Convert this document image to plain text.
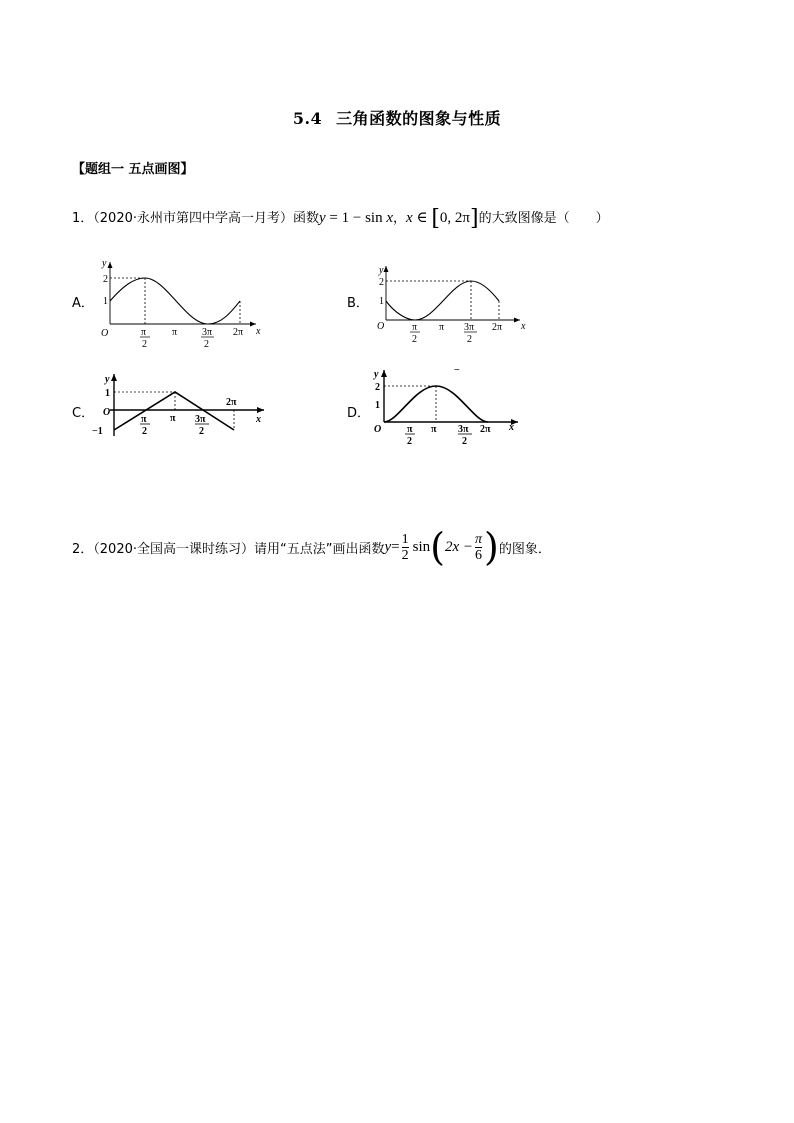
5.4 三角函数的图象与性质
【题组一 五点画图】
1．（2020·永州市第四中学高一月考）函数y = 1 − sin x，x ∈ [0, 2π]的大致图像是（　　）
A．
y
2
1
O	π
2
π 3π
2
2π x
B．
y
2
1
O	π
2
π 3π
2
2π x
C．
y
1
−1
O
π
2
π 3π
2
2π
x	D．
y
2
1
O	π
2
π 3π
2
2π x
−
2．（2020·全国高一课时练习）请用“五点法”画出函数 $y = \frac{1}{2}$ sin ( $2x - \frac{\pi}{6}$ ) 的图象．
